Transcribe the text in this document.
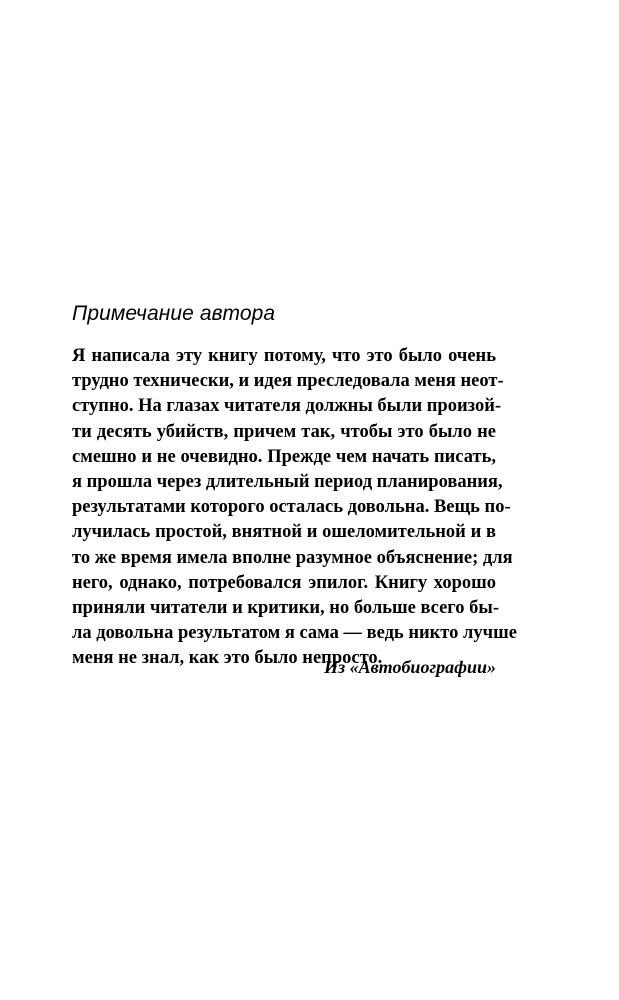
Примечание автора
Я написала эту книгу потому, что это было очень
трудно технически, и идея преследовала меня неот-
ступно. На глазах читателя должны были произой-
ти десять убийств, причем так, чтобы это было не
смешно и не очевидно. Прежде чем начать писать,
я прошла через длительный период планирования,
результатами которого осталась довольна. Вещь по-
лучилась простой, внятной и ошеломительной и в
то же время имела вполне разумное объяснение; для
него, однако, потребовался эпилог. Книгу хорошо
приняли читатели и критики, но больше всего бы-
ла довольна результатом я сама — ведь никто лучше
меня не знал, как это было непросто.
Из «Автобиографии»
